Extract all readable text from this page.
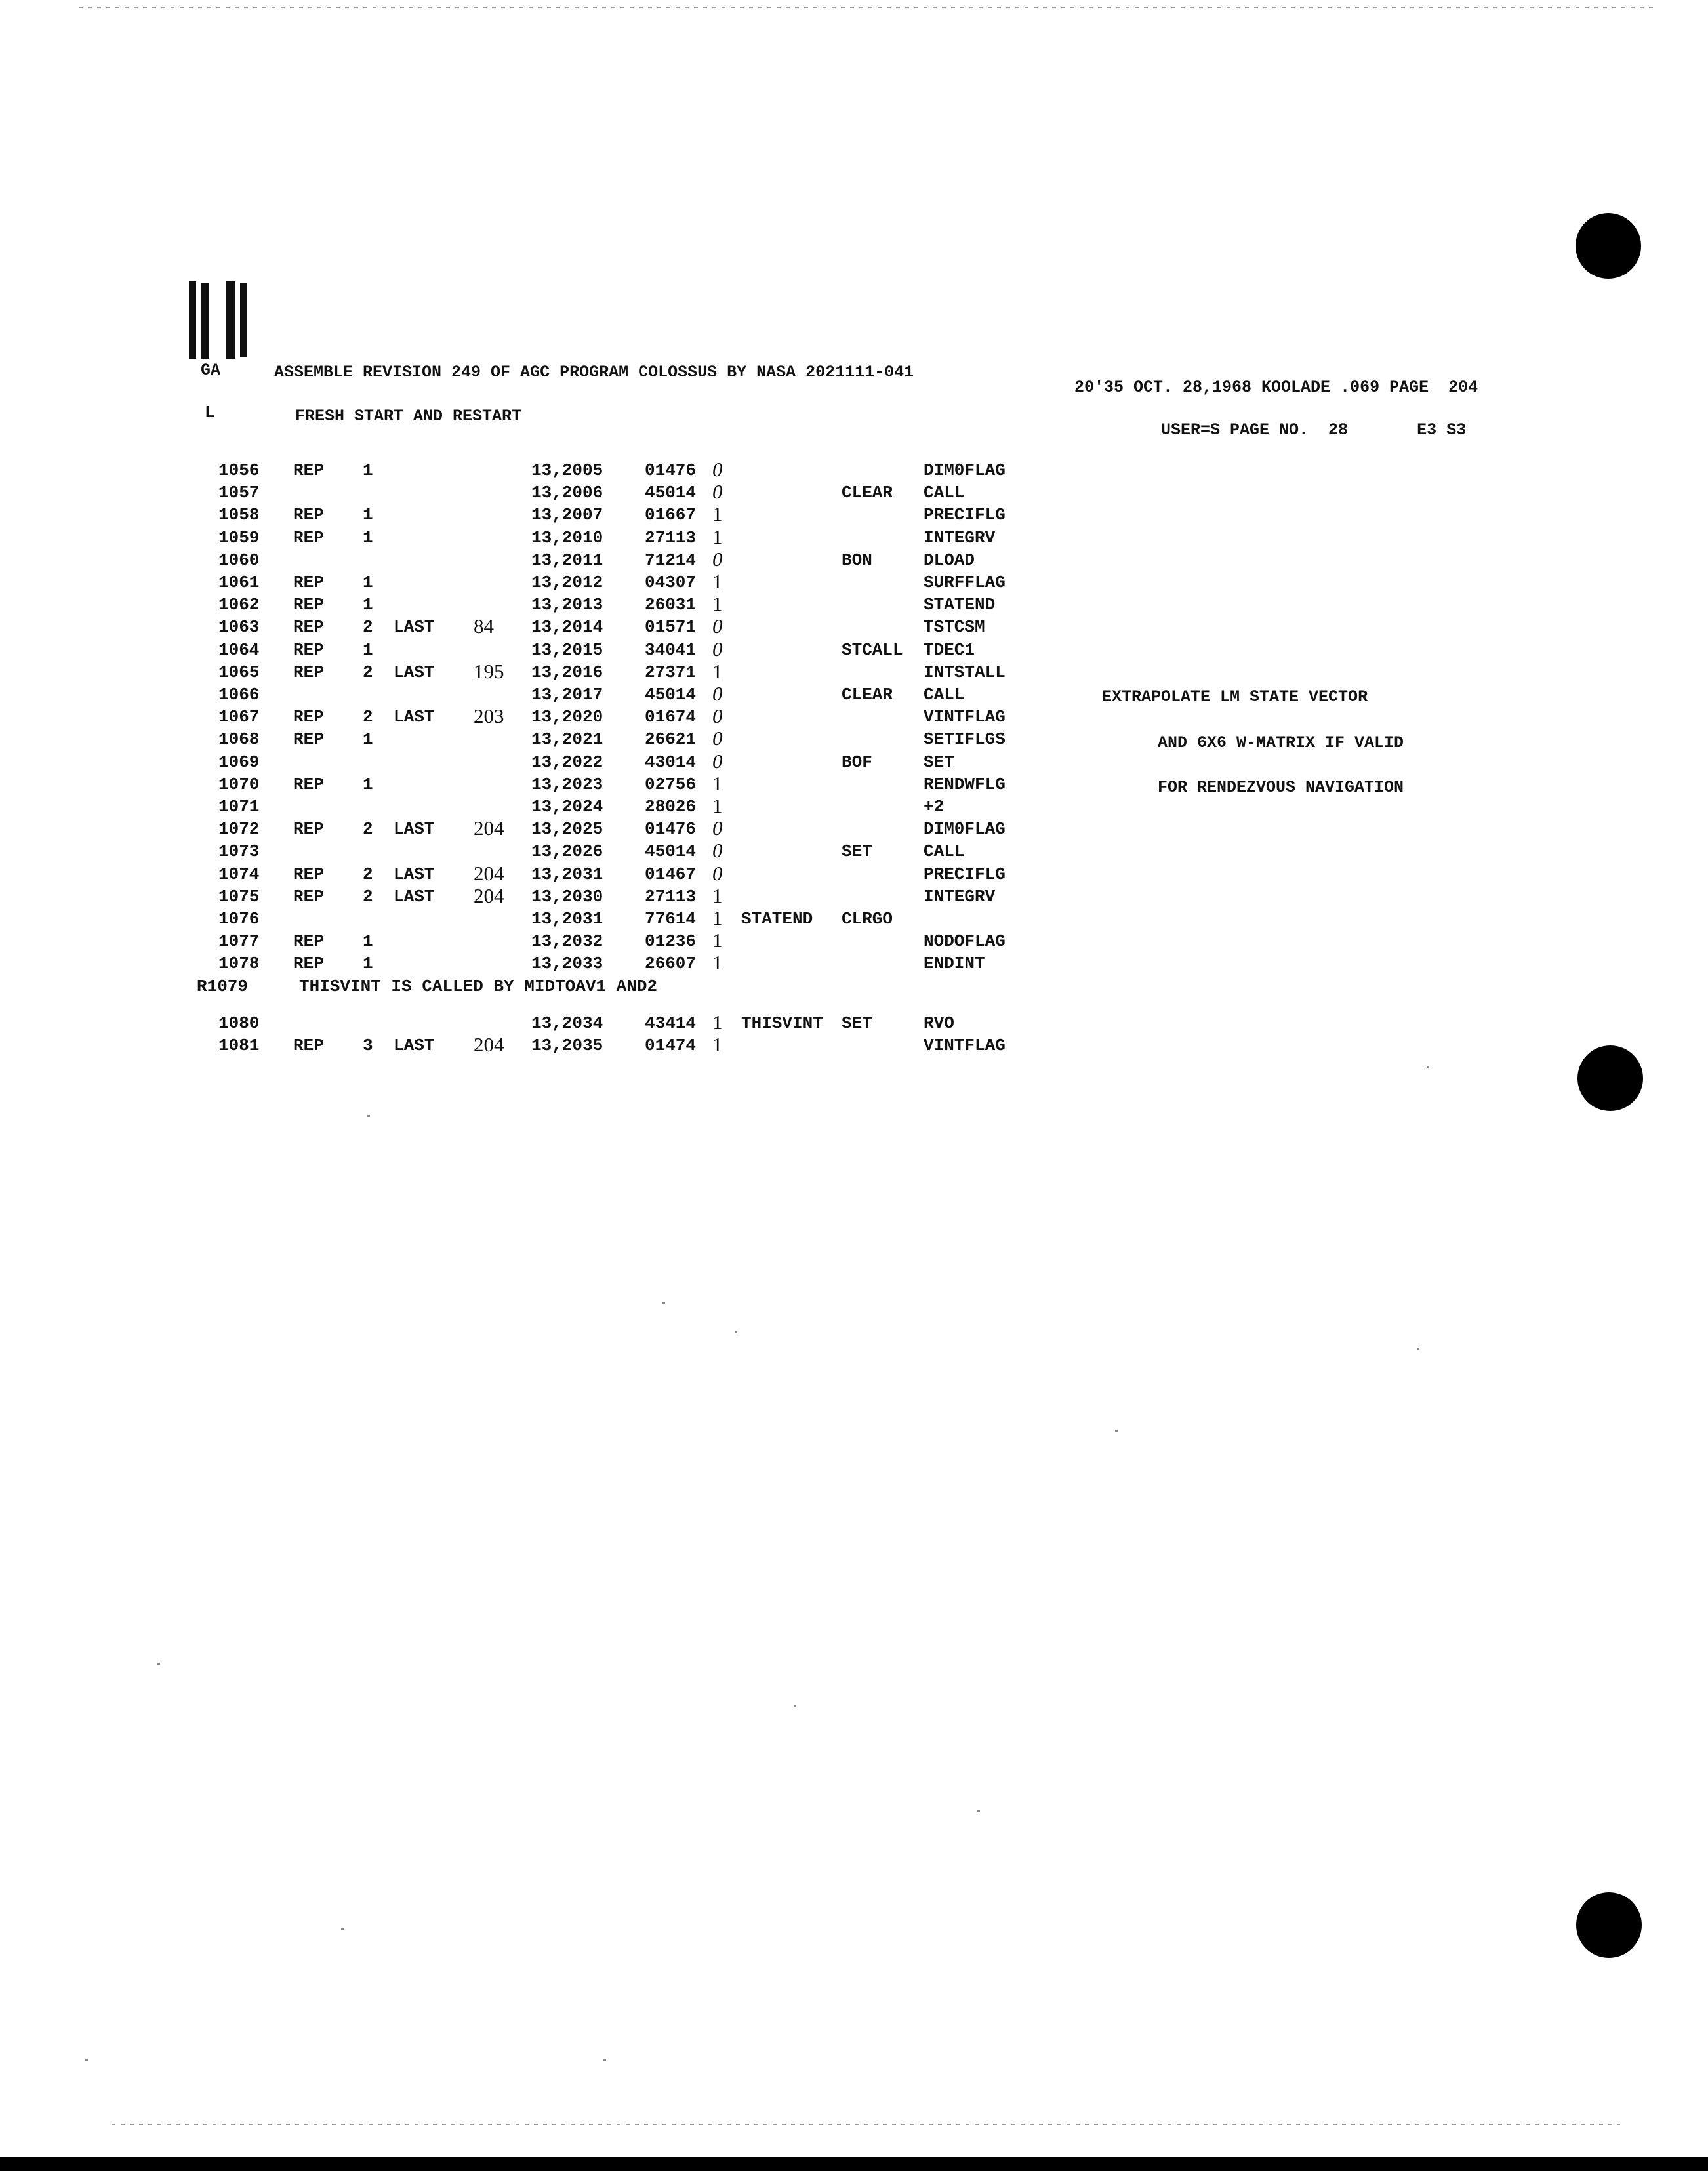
GA	ASSEMBLE REVISION 249 OF AGC PROGRAM COLOSSUS BY NASA 2021111-041
20'35 OCT. 28,1968 KOOLADE .069 PAGE  204
L	FRESH START AND RESTART
USER=S PAGE NO.  28       E3 S3
1056 REP 1	13,2005 01476 0	DIM0FLAG
1057	13,2006 45014 0	CLEAR CALL
1058 REP 1	13,2007 01667 1	PRECIFLG
1059 REP 1	13,2010 27113 1	INTEGRV
1060	13,2011 71214 0	BON	DLOAD
1061 REP 1	13,2012 04307 1	SURFFLAG
1062 REP 1	13,2013 26031 1	STATEND
1063 REP 2 LAST 84 13,2014 01571 0	TSTCSM
1064 REP 1	13,2015 34041 0	STCALL TDEC1
1065 REP 2 LAST 195 13,2016 27371 1	INTSTALL
1066	13,2017 45014 0	CLEAR CALL
1067 REP 2 LAST 203 13,2020 01674 0	VINTFLAG
1068 REP 1	13,2021 26621 0	SETIFLGS
1069	13,2022 43014 0	BOF	SET
1070 REP 1	13,2023 02756 1	RENDWFLG
1071	13,2024 28026 1	+2
1072 REP 2 LAST 204 13,2025 01476 0	DIM0FLAG
1073	13,2026 45014 0	SET	CALL
1074 REP 2 LAST 204 13,2031 01467 0	PRECIFLG
1075 REP 2 LAST 204 13,2030 27113 1	INTEGRV
1076	13,2031 77614 1 STATEND CLRGO
1077 REP 1	13,2032 01236 1	NODOFLAG
1078 REP 1	13,2033 26607 1	ENDINT
R1079	THISVINT IS CALLED BY MIDTOAV1 AND2
1080	13,2034 43414 1 THISVINT SET	RVO
1081 REP 3 LAST 204 13,2035 01474 1	VINTFLAG
EXTRAPOLATE LM STATE VECTOR
AND 6X6 W-MATRIX IF VALID
FOR RENDEZVOUS NAVIGATION
